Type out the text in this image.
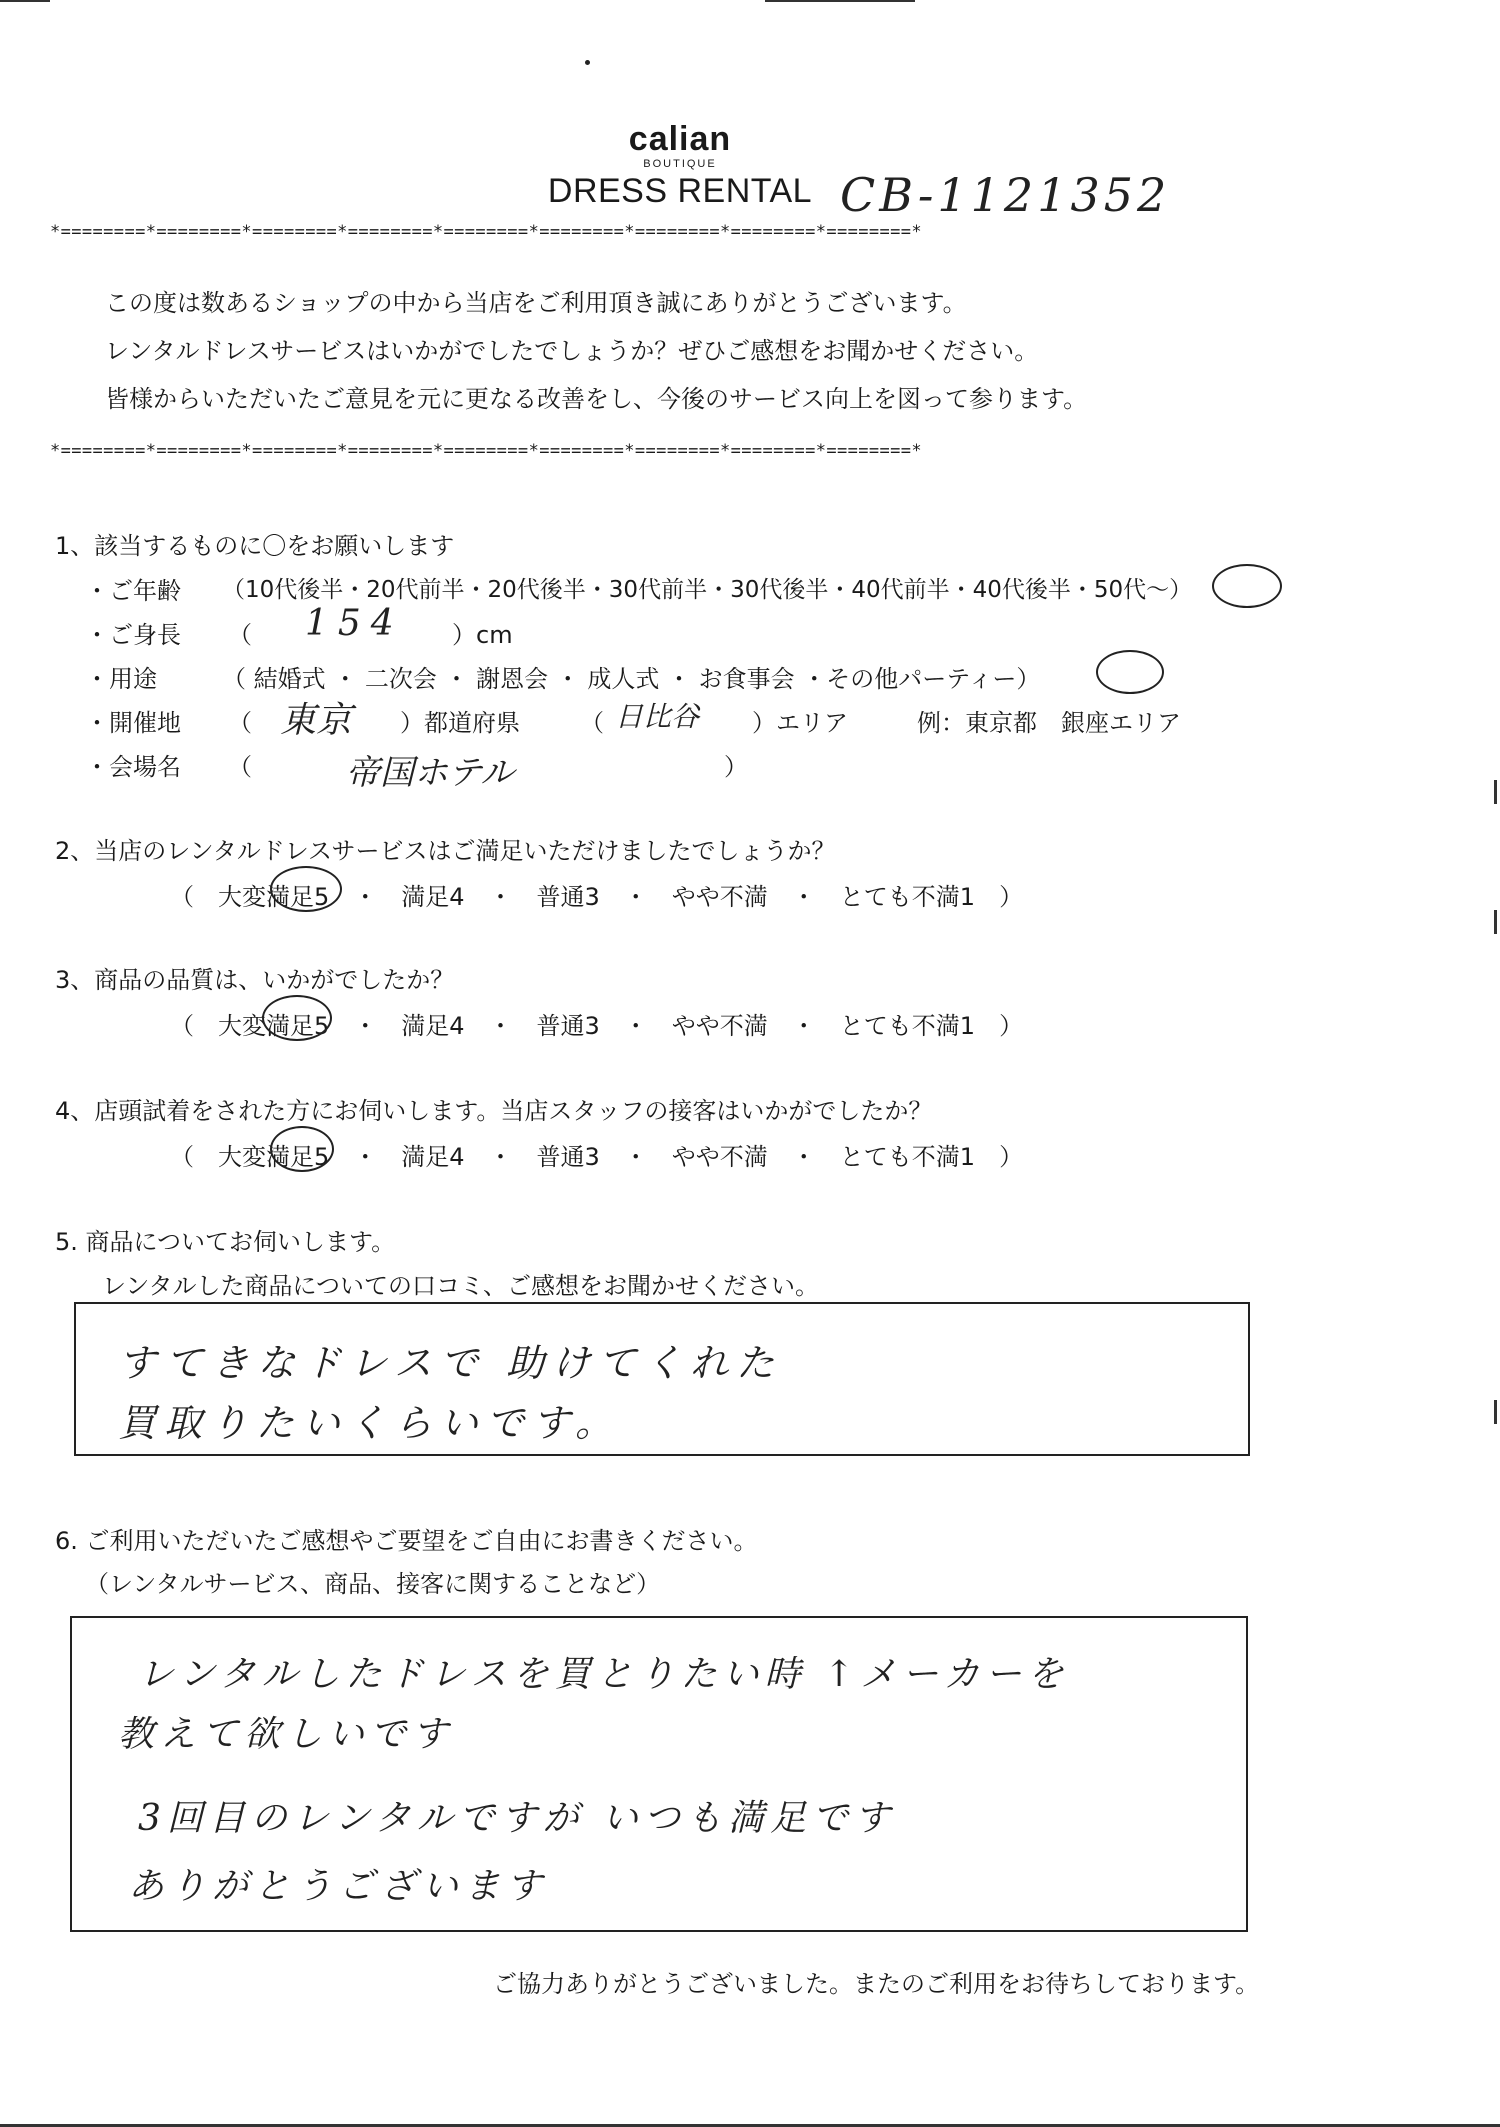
calian
BOUTIQUE
DRESS RENTAL CB-1121352
*========*========*========*========*========*========*========*========*========*
この度は数あるショップの中から当店をご利用頂き誠にありがとうございます。
レンタルドレスサービスはいかがでしたでしょうか？ぜひご感想をお聞かせください。
皆様からいただいたご意見を元に更なる改善をし、今後のサービス向上を図って参ります。
*========*========*========*========*========*========*========*========*========*
1、該当するものに〇をお願いします
・ご年齢 （10代後半・20代前半・20代後半・30代前半・30代後半・40代前半・40代後半・50代～）
・ご身長 （ 154 ）cm
・用途	（ 結婚式 ・ 二次会 ・ 謝恩会 ・ 成人式 ・ お食事会 ・その他パーティー）
・開催地 （ 東京 ）都道府県	（ 日比谷 ）エリア	例：東京都　銀座エリア
・会場名 （	帝国ホテル	）
2、当店のレンタルドレスサービスはご満足いただけましたでしょうか？
（　大変満足5　・　満足4　・　普通3　・　やや不満　・　とても不満1　）
3、商品の品質は、いかがでしたか？
（　大変満足5　・　満足4　・　普通3　・　やや不満　・　とても不満1　）
4、店頭試着をされた方にお伺いします。当店スタッフの接客はいかがでしたか？
（　大変満足5　・　満足4　・　普通3　・　やや不満　・　とても不満1　）
5. 商品についてお伺いします。
レンタルした商品についての口コミ、ご感想をお聞かせください。
すてきなドレスで 助けてくれた
買取りたいくらいです。
6. ご利用いただいたご感想やご要望をご自由にお書きください。
（レンタルサービス、商品、接客に関することなど）
レンタルしたドレスを買とりたい時 ↑メーカーを
教えて欲しいです
3回目のレンタルですが いつも満足です
ありがとうございます
ご協力ありがとうございました。またのご利用をお待ちしております。
